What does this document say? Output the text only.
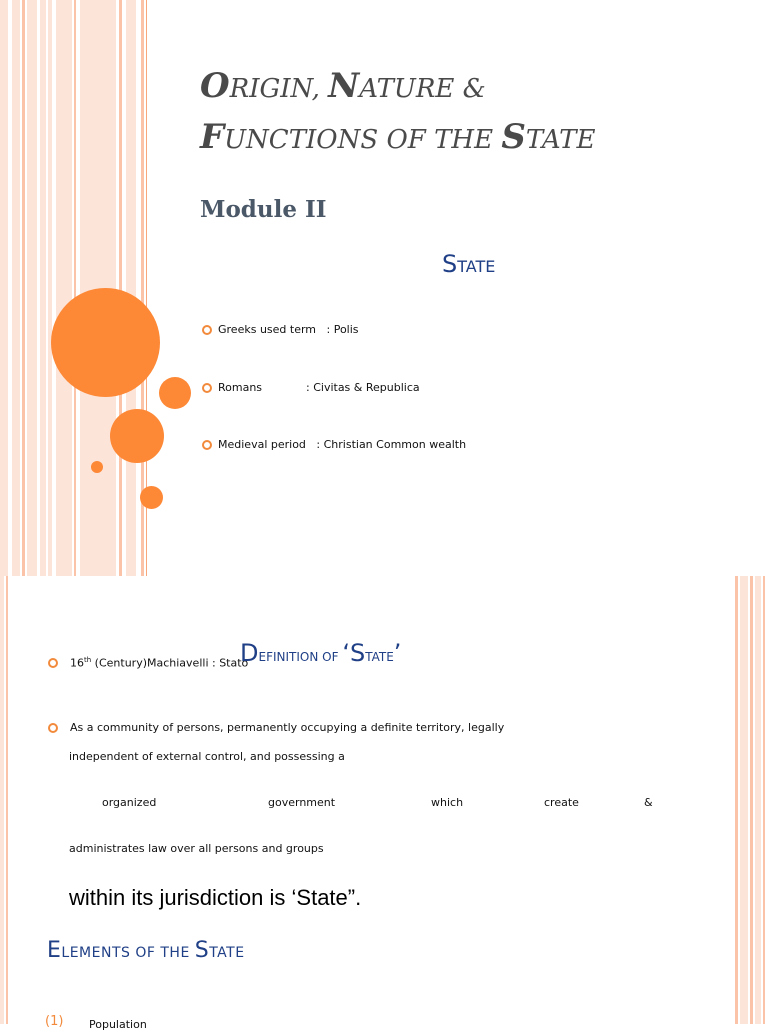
ORIGIN, NATURE &
FUNCTIONS OF THE STATE
Module II
STATE
Greeks used term : Polis
Romans	: Civitas & Republica
Medieval period : Christian Common wealth
16th (Century)Machiavelli : Stato
DEFINITION OF ‘STATE’
As a community of persons, permanently occupying a definite territory, legally
independent of external control, and possessing a
organized	government	which	create	&
administrates law over all persons and groups
within its jurisdiction is ‘State”.
ELEMENTS OF THE STATE
(1) Population
